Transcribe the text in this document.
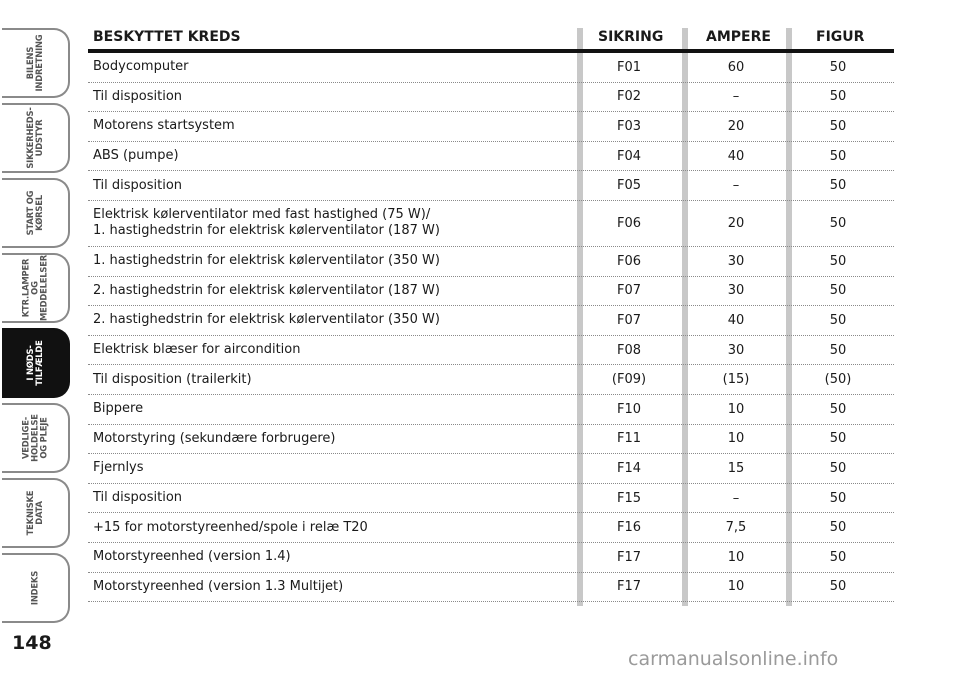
BILENS
INDRETNING
SIKKERHEDS-
UDSTYR
START OG
KØRSEL
KTR.LAMPER
OG
MEDDELELSER
I NØDS-
TILFÆLDE
VEDLIGE-
HOLDELSE
OG PLEJE
TEKNISKE
DATA
INDEKS
148
BESKYTTET KREDS	SIKRING	AMPERE	FIGUR
Bodycomputer	F01	60	50
Til disposition	F02	–	50
Motorens startsystem	F03	20	50
ABS (pumpe)	F04	40	50
Til disposition	F05	–	50
Elektrisk kølerventilator med fast hastighed (75 W)/
1. hastighedstrin for elektrisk kølerventilator (187 W)	F06	20	50
1. hastighedstrin for elektrisk kølerventilator (350 W)	F06	30	50
2. hastighedstrin for elektrisk kølerventilator (187 W)	F07	30	50
2. hastighedstrin for elektrisk kølerventilator (350 W)	F07	40	50
Elektrisk blæser for aircondition	F08	30	50
Til disposition (trailerkit)	(F09)	(15)	(50)
Bippere	F10	10	50
Motorstyring (sekundære forbrugere)	F11	10	50
Fjernlys	F14	15	50
Til disposition	F15	–	50
+15 for motorstyreenhed/spole i relæ T20	F16	7,5	50
Motorstyreenhed (version 1.4)	F17	10	50
Motorstyreenhed (version 1.3 Multijet)	F17	10	50
carmanualsonline.info
